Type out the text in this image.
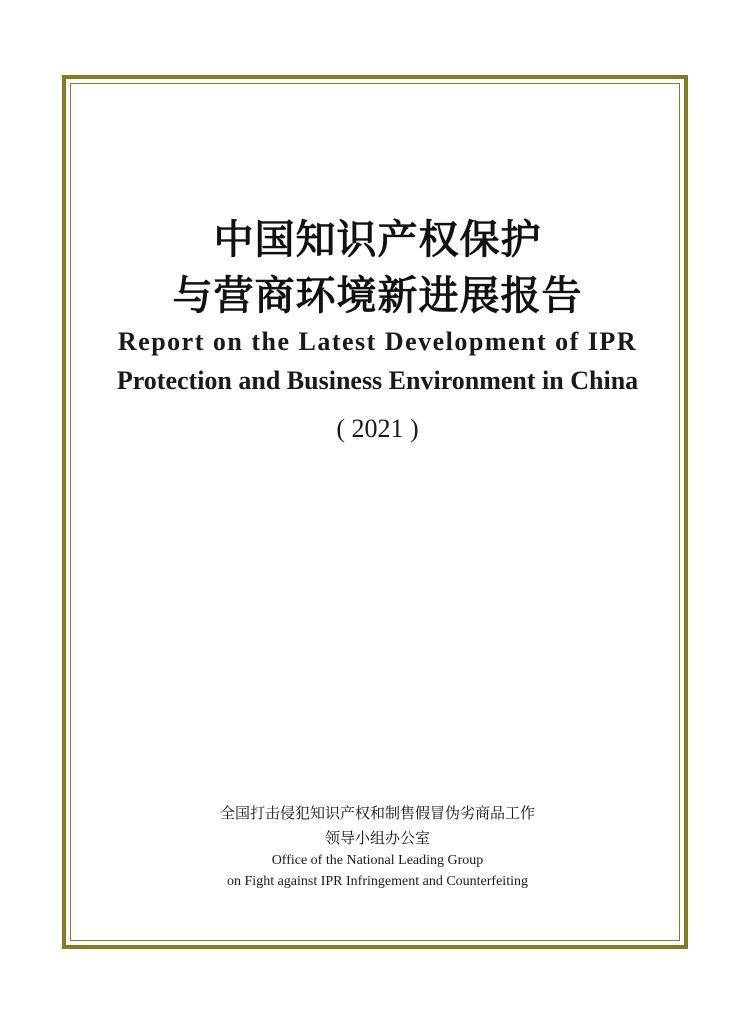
中国知识产权保护
与营商环境新进展报告
Report on the Latest Development of IPR
Protection and Business Environment in China
( 2021 )
全国打击侵犯知识产权和制售假冒伪劣商品工作
领导小组办公室
Office of the National Leading Group
on Fight against IPR Infringement and Counterfeiting
